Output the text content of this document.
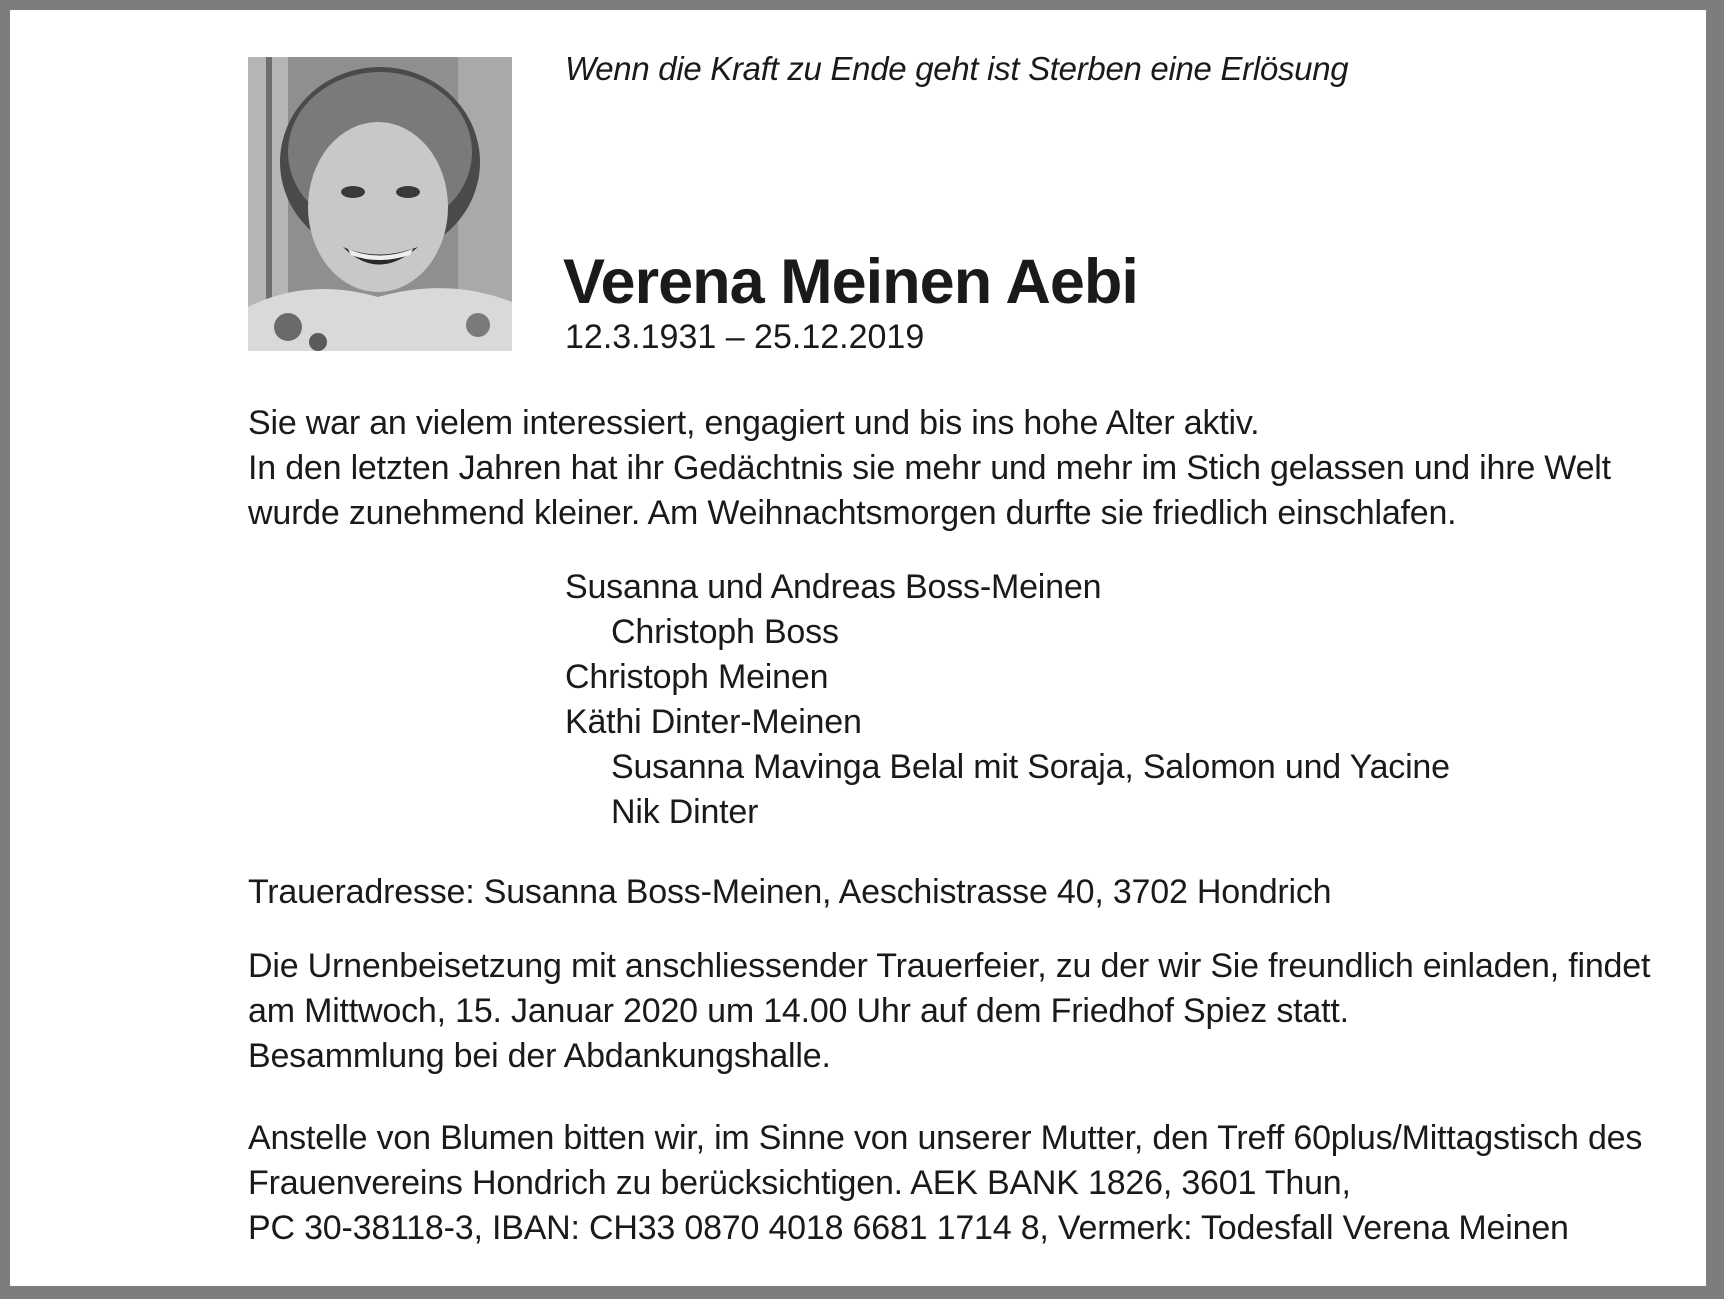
Wenn die Kraft zu Ende geht ist Sterben eine Erlösung
Verena Meinen Aebi
12.3.1931 – 25.12.2019
Sie war an vielem interessiert, engagiert und bis ins hohe Alter aktiv.
In den letzten Jahren hat ihr Gedächtnis sie mehr und mehr im Stich gelassen und ihre Welt
wurde zunehmend kleiner. Am Weihnachtsmorgen durfte sie friedlich einschlafen.
Susanna und Andreas Boss-Meinen
Christoph Boss
Christoph Meinen
Käthi Dinter-Meinen
Susanna Mavinga Belal mit Soraja, Salomon und Yacine
Nik Dinter
Traueradresse: Susanna Boss-Meinen, Aeschistrasse 40, 3702 Hondrich
Die Urnenbeisetzung mit anschliessender Trauerfeier, zu der wir Sie freundlich einladen, findet
am Mittwoch, 15. Januar 2020 um 14.00 Uhr auf dem Friedhof Spiez statt.
Besammlung bei der Abdankungshalle.
Anstelle von Blumen bitten wir, im Sinne von unserer Mutter, den Treff 60plus/Mittagstisch des
Frauenvereins Hondrich zu berücksichtigen. AEK BANK 1826, 3601 Thun,
PC 30-38118-3, IBAN: CH33 0870 4018 6681 1714 8, Vermerk: Todesfall Verena Meinen
